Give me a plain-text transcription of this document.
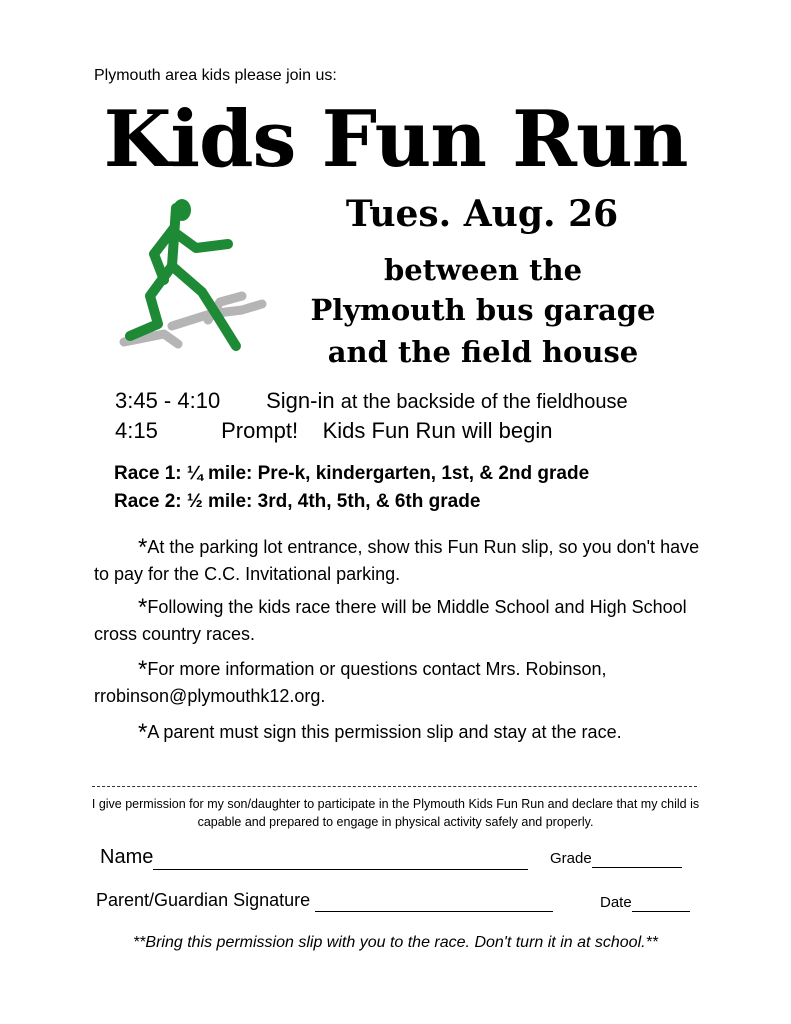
Plymouth area kids please join us:
Kids Fun Run
Tues. Aug. 26
between the
Plymouth bus garage
and the field house
3:45 - 4:10 Sign-in at the backside of the fieldhouse
4:15	Prompt! Kids Fun Run will begin
Race 1: ¼ mile: Pre-k, kindergarten, 1st, & 2nd grade
Race 2: ½ mile: 3rd, 4th, 5th, & 6th grade
*At the parking lot entrance, show this Fun Run slip, so you don't have to pay for the C.C. Invitational parking.
*Following the kids race there will be Middle School and High School cross country races.
*For more information or questions contact Mrs. Robinson, rrobinson@plymouthk12.org.
*A parent must sign this permission slip and stay at the race.
I give permission for my son/daughter to participate in the Plymouth Kids Fun Run and declare that my child is capable and prepared to engage in physical activity safely and properly.
Name	Grade
Parent/Guardian Signature	Date
**Bring this permission slip with you to the race. Don't turn it in at school.**
